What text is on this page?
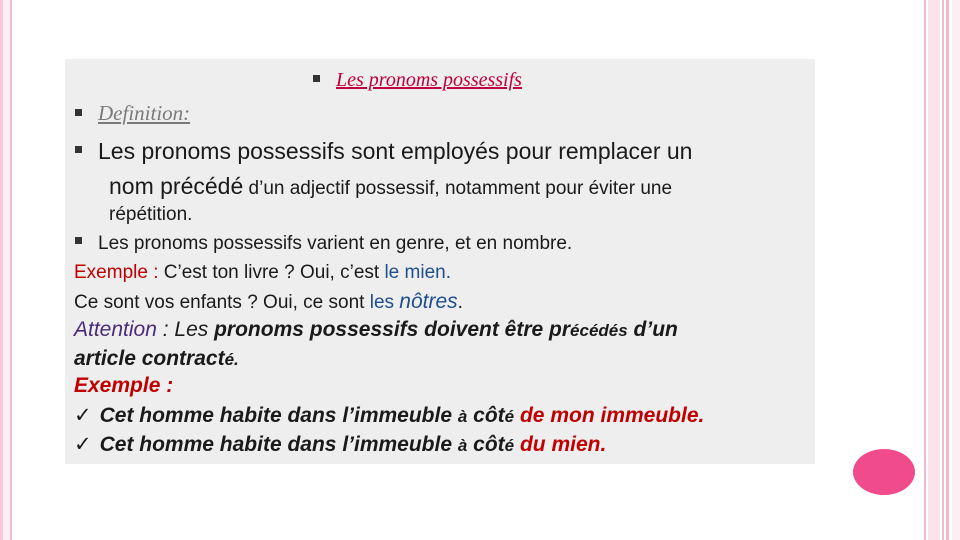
Les pronoms possessifs
Definition:
Les pronoms possessifs sont employés pour remplacer un
nom précédé d’un adjectif possessif, notamment pour éviter une
répétition.
Les pronoms possessifs varient en genre, et en nombre.
Exemple : C’est ton livre ? Oui, c’est le mien.
Ce sont vos enfants ? Oui, ce sont les nôtres.
Attention : Les pronoms possessifs doivent être précédés d’un
article contracté.
Exemple :
✓ Cet homme habite dans l’immeuble à côté de mon immeuble.
✓ Cet homme habite dans l’immeuble à côté du mien.
